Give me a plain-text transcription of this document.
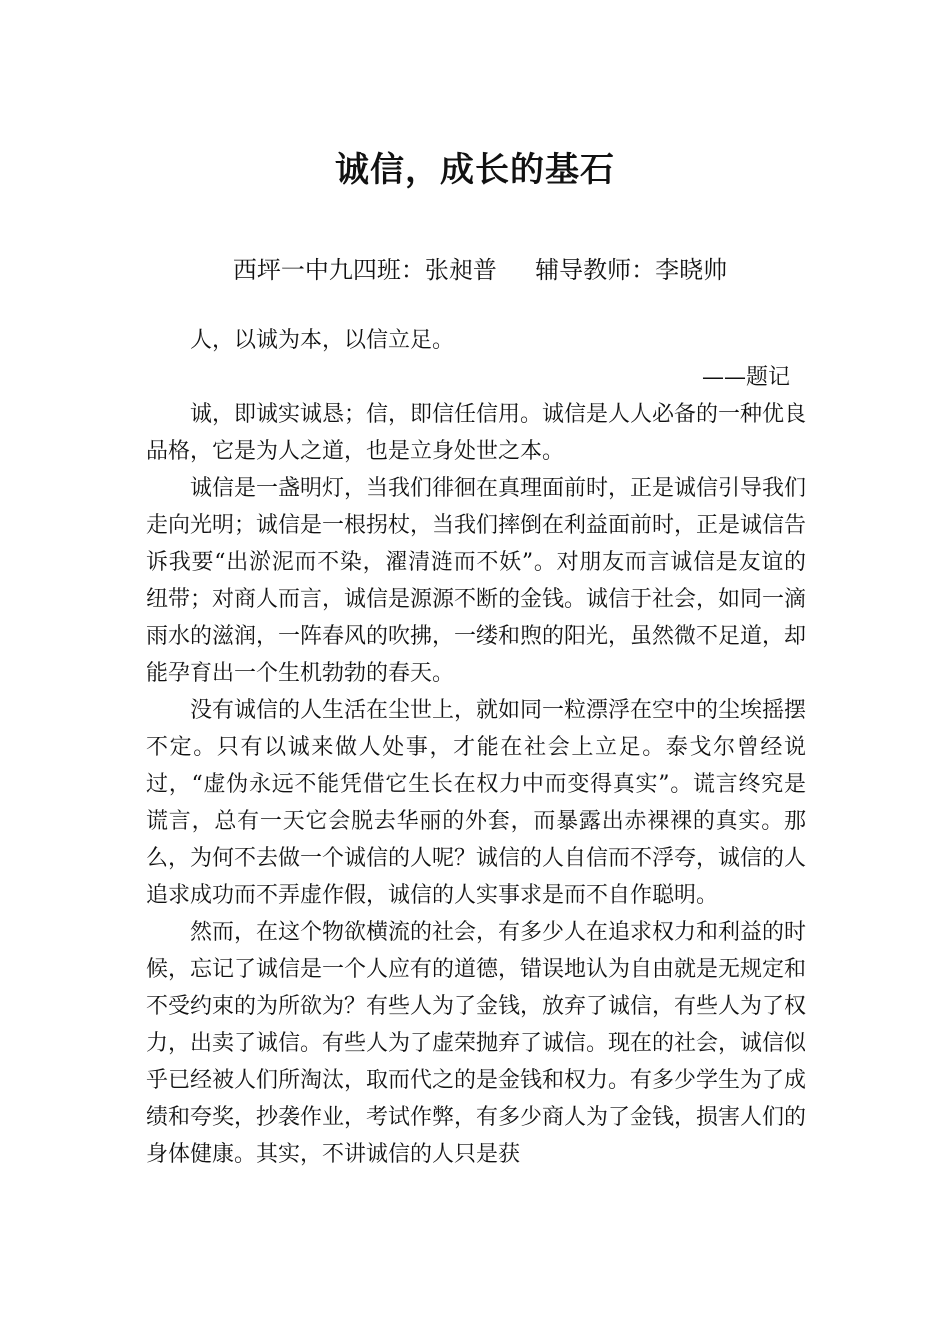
诚信，成长的基石
西坪一中九四班：张昶普     辅导教师：李晓帅

人，以诚为本，以信立足。

——题记

诚，即诚实诚恳；信，即信任信用。诚信是人人必备的一种优良品格，它是为人之道，也是立身处世之本。

诚信是一盏明灯，当我们徘徊在真理面前时，正是诚信引导我们走向光明；诚信是一根拐杖，当我们摔倒在利益面前时，正是诚信告诉我要“出淤泥而不染，濯清涟而不妖”。对朋友而言诚信是友谊的纽带；对商人而言，诚信是源源不断的金钱。诚信于社会，如同一滴雨水的滋润，一阵春风的吹拂，一缕和煦的阳光，虽然微不足道，却能孕育出一个生机勃勃的春天。

没有诚信的人生活在尘世上，就如同一粒漂浮在空中的尘埃摇摆不定。只有以诚来做人处事，才能在社会上立足。泰戈尔曾经说过，“虚伪永远不能凭借它生长在权力中而变得真实”。谎言终究是谎言，总有一天它会脱去华丽的外套，而暴露出赤裸裸的真实。那么，为何不去做一个诚信的人呢？诚信的人自信而不浮夸，诚信的人追求成功而不弄虚作假，诚信的人实事求是而不自作聪明。

然而，在这个物欲横流的社会，有多少人在追求权力和利益的时候，忘记了诚信是一个人应有的道德，错误地认为自由就是无规定和不受约束的为所欲为？有些人为了金钱，放弃了诚信，有些人为了权力，出卖了诚信。有些人为了虚荣抛弃了诚信。现在的社会，诚信似乎已经被人们所淘汰，取而代之的是金钱和权力。有多少学生为了成绩和夸奖，抄袭作业，考试作弊，有多少商人为了金钱，损害人们的身体健康。其实，不讲诚信的人只是获
